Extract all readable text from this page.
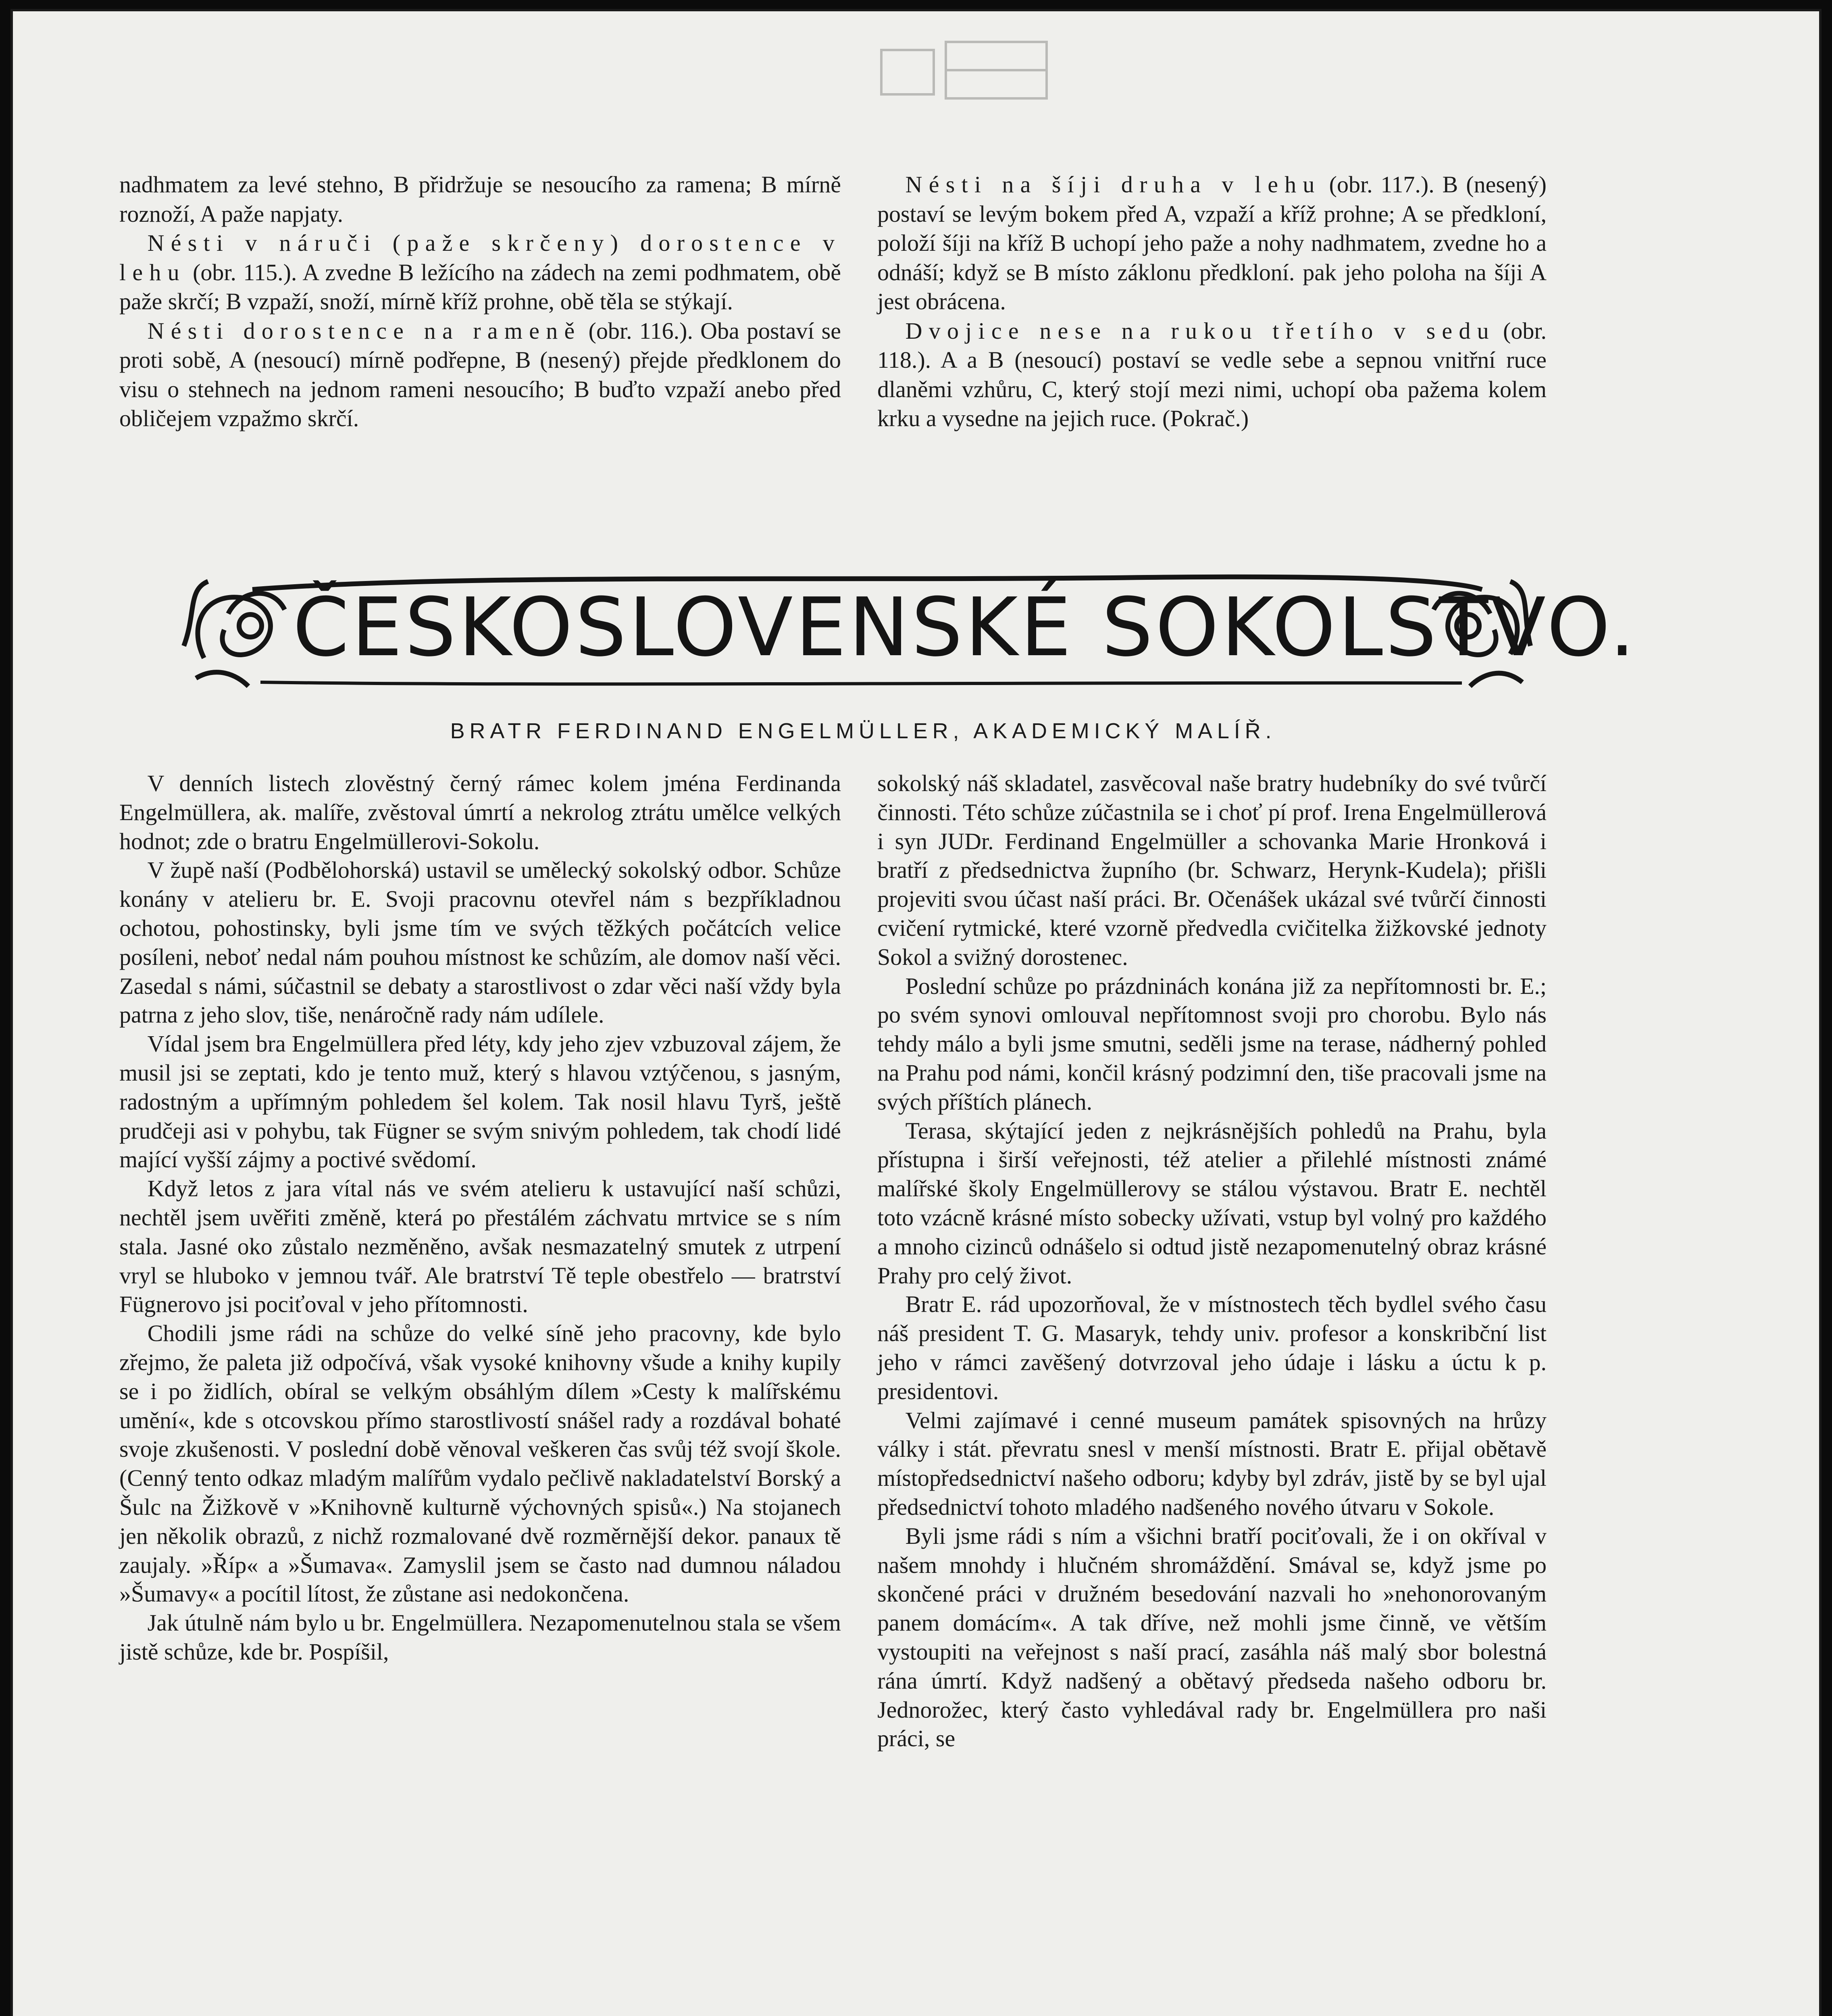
nadhmatem za levé stehno, B přidržuje se nesoucího za ramena; B mírně roznoží, A paže napjaty.

Nésti v náruči (paže skrčeny) dorostence v lehu (obr. 115.). A zvedne B ležícího na zádech na zemi podhmatem, obě paže skrčí; B vzpaží, snoží, mírně kříž prohne, obě těla se stýkají.

Nésti dorostence na rameně (obr. 116.). Oba postaví se proti sobě, A (nesoucí) mírně podřepne, B (nesený) přejde předklonem do visu o stehnech na jednom rameni nesoucího; B buďto vzpaží anebo před obličejem vzpažmo skrčí.

Nésti na šíji druha v lehu (obr. 117.). B (nesený) postaví se levým bokem před A, vzpaží a kříž prohne; A se předkloní, položí šíji na kříž B uchopí jeho paže a nohy nadhmatem, zvedne ho a odnáší; když se B místo záklonu předkloní. pak jeho poloha na šíji A jest obrácena.

Dvojice nese na rukou třetího v sedu (obr. 118.). A a B (nesoucí) postaví se vedle sebe a sepnou vnitřní ruce dlaněmi vzhůru, C, který stojí mezi nimi, uchopí oba pažema kolem krku a vysedne na jejich ruce. (Pokrač.)

ČESKOSLOVENSKÉ SOKOLSTVO.
BRATR FERDINAND ENGELMÜLLER, AKADEMICKÝ MALÍŘ.

V denních listech zlověstný černý rámec kolem jména Ferdinanda Engelmüllera, ak. malíře, zvěstoval úmrtí a nekrolog ztrátu umělce velkých hodnot; zde o bratru Engelmüllerovi-Sokolu.

V župě naší (Podbělohorská) ustavil se umělecký sokolský odbor. Schůze konány v atelieru br. E. Svoji pracovnu otevřel nám s bezpříkladnou ochotou, pohostinsky, byli jsme tím ve svých těžkých počátcích velice posíleni, neboť nedal nám pouhou místnost ke schůzím, ale domov naší věci. Zasedal s námi, súčastnil se debaty a starostlivost o zdar věci naší vždy byla patrna z jeho slov, tiše, nenáročně rady nám udílele.

Vídal jsem bra Engelmüllera před léty, kdy jeho zjev vzbuzoval zájem, že musil jsi se zeptati, kdo je tento muž, který s hlavou vztýčenou, s jasným, radostným a upřímným pohledem šel kolem. Tak nosil hlavu Tyrš, ještě prudčeji asi v pohybu, tak Fügner se svým snivým pohledem, tak chodí lidé mající vyšší zájmy a poctivé svědomí.

Když letos z jara vítal nás ve svém atelieru k ustavující naší schůzi, nechtěl jsem uvěřiti změně, která po přestálém záchvatu mrtvice se s ním stala. Jasné oko zůstalo nezměněno, avšak nesmazatelný smutek z utrpení vryl se hluboko v jemnou tvář. Ale bratrství Tě teple obestřelo — bratrství Fügnerovo jsi pociťoval v jeho přítomnosti.

Chodili jsme rádi na schůze do velké síně jeho pracovny, kde bylo zřejmo, že paleta již odpočívá, však vysoké knihovny všude a knihy kupily se i po židlích, obíral se velkým obsáhlým dílem »Cesty k malířskému umění«, kde s otcovskou přímo starostlivostí snášel rady a rozdával bohaté svoje zkušenosti. V poslední době věnoval veškeren čas svůj též svojí škole. (Cenný tento odkaz mladým malířům vydalo pečlivě nakladatelství Borský a Šulc na Žižkově v »Knihovně kulturně výchovných spisů«.) Na stojanech jen několik obrazů, z nichž rozmalované dvě rozměrnější dekor. panaux tě zaujaly. »Říp« a »Šumava«. Zamyslil jsem se často nad dumnou náladou »Šumavy« a pocítil lítost, že zůstane asi nedokončena.

Jak útulně nám bylo u br. Engelmüllera. Nezapomenutelnou stala se všem jistě schůze, kde br. Pospíšil,

sokolský náš skladatel, zasvěcoval naše bratry hudebníky do své tvůrčí činnosti. Této schůze zúčastnila se i choť pí prof. Irena Engelmüllerová i syn JUDr. Ferdinand Engelmüller a schovanka Marie Hronková i bratří z předsednictva župního (br. Schwarz, Herynk-Kudela); přišli projeviti svou účast naší práci. Br. Očenášek ukázal své tvůrčí činnosti cvičení rytmické, které vzorně předvedla cvičitelka žižkovské jednoty Sokol a svižný dorostenec.

Poslední schůze po prázdninách konána již za nepřítomnosti br. E.; po svém synovi omlouval nepřítomnost svoji pro chorobu. Bylo nás tehdy málo a byli jsme smutni, seděli jsme na terase, nádherný pohled na Prahu pod námi, končil krásný podzimní den, tiše pracovali jsme na svých příštích plánech.

Terasa, skýtající jeden z nejkrásnějších pohledů na Prahu, byla přístupna i širší veřejnosti, též atelier a přilehlé místnosti známé malířské školy Engelmüllerovy se stálou výstavou. Bratr E. nechtěl toto vzácně krásné místo sobecky užívati, vstup byl volný pro každého a mnoho cizinců odnášelo si odtud jistě nezapomenutelný obraz krásné Prahy pro celý život.

Bratr E. rád upozorňoval, že v místnostech těch bydlel svého času náš president T. G. Masaryk, tehdy univ. profesor a konskribční list jeho v rámci zavěšený dotvrzoval jeho údaje i lásku a úctu k p. presidentovi.

Velmi zajímavé i cenné museum památek spisovných na hrůzy války i stát. převratu snesl v menší místnosti. Bratr E. přijal obětavě místopředsednictví našeho odboru; kdyby byl zdráv, jistě by se byl ujal předsednictví tohoto mladého nadšeného nového útvaru v Sokole.

Byli jsme rádi s ním a všichni bratří pociťovali, že i on okříval v našem mnohdy i hlučném shromáždění. Smával se, když jsme po skončené práci v družném besedování nazvali ho »nehonorovaným panem domácím«. A tak dříve, než mohli jsme činně, ve větším vystoupiti na veřejnost s naší prací, zasáhla náš malý sbor bolestná rána úmrtí. Když nadšený a obětavý předseda našeho odboru br. Jednorožec, který často vyhledával rady br. Engelmüllera pro naši práci, se
